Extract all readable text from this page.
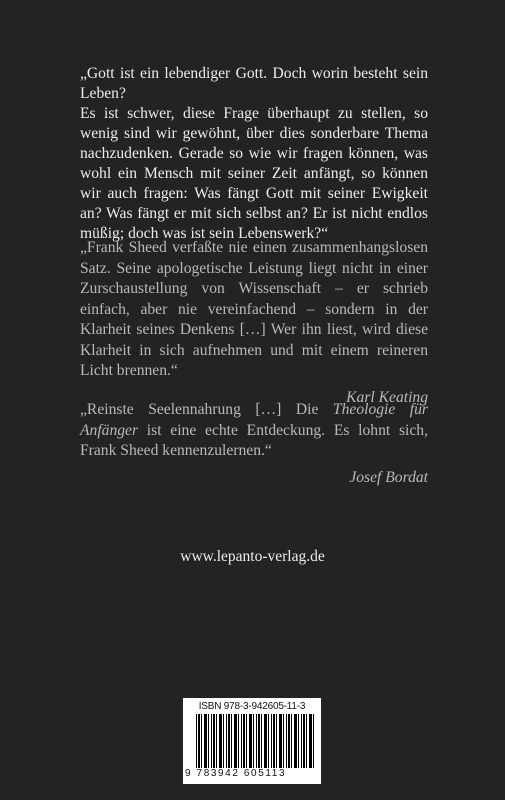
„Gott ist ein lebendiger Gott. Doch worin besteht sein Leben?

Es ist schwer, diese Frage überhaupt zu stellen, so wenig sind wir gewöhnt, über dies sonderbare Thema nachzudenken. Gerade so wie wir fragen können, was wohl ein Mensch mit seiner Zeit anfängt, so können wir auch fragen: Was fängt Gott mit seiner Ewigkeit an? Was fängt er mit sich selbst an? Er ist nicht endlos müßig; doch was ist sein Lebenswerk?“

„Frank Sheed verfaßte nie einen zusammenhangslosen Satz. Seine apologetische Leistung liegt nicht in einer Zurschaustellung von Wissenschaft – er schrieb einfach, aber nie vereinfachend – sondern in der Klarheit seines Denkens […] Wer ihn liest, wird diese Klarheit in sich aufnehmen und mit einem reineren Licht brennen.“

Karl Keating

„Reinste Seelennahrung […] Die Theologie für Anfänger ist eine echte Entdeckung. Es lohnt sich, Frank Sheed kennenzulernen.“

Josef Bordat
www.lepanto-verlag.de
ISBN 978-3-942605-11-3
9 783942 605113
